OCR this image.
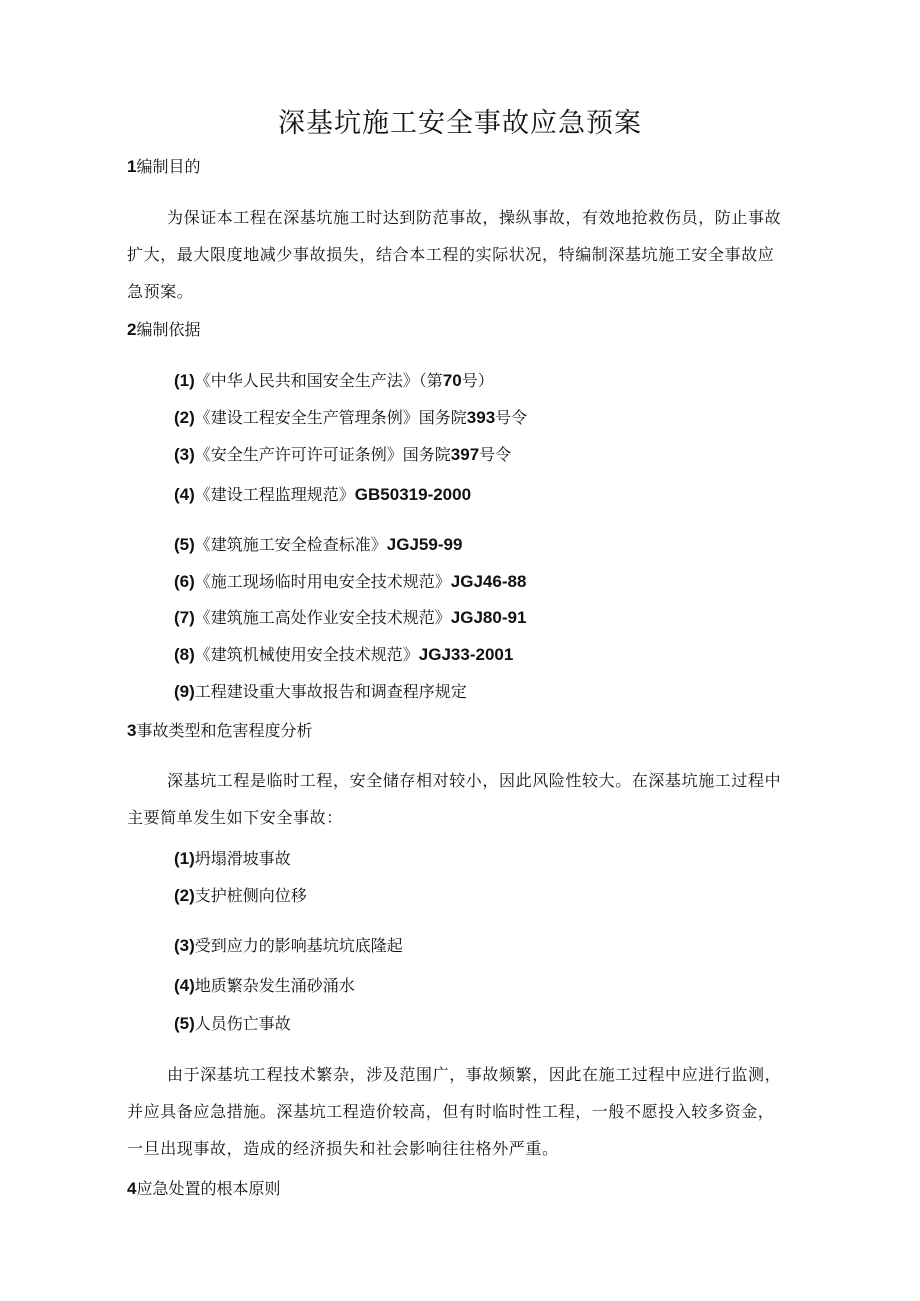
深基坑施工安全事故应急预案
1编制目的
为保证本工程在深基坑施工时达到防范事故，操纵事故，有效地抢救伤员，防止事故
扩大，最大限度地减少事故损失，结合本工程的实际状况，特编制深基坑施工安全事故应
急预案。
2编制依据
(1)《中华人民共和国安全生产法》（第70号）
(2)《建设工程安全生产管理条例》国务院393号令
(3)《安全生产许可许可证条例》国务院397号令
(4)《建设工程监理规范》GB50319-2000
(5)《建筑施工安全检查标准》JGJ59-99
(6)《施工现场临时用电安全技术规范》JGJ46-88
(7)《建筑施工高处作业安全技术规范》JGJ80-91
(8)《建筑机械使用安全技术规范》JGJ33-2001
(9)工程建设重大事故报告和调查程序规定
3事故类型和危害程度分析
深基坑工程是临时工程，安全储存相对较小，因此风险性较大。在深基坑施工过程中
主要简单发生如下安全事故：
(1)坍塌滑坡事故
(2)支护桩侧向位移
(3)受到应力的影响基坑坑底隆起
(4)地质繁杂发生涌砂涌水
(5)人员伤亡事故
由于深基坑工程技术繁杂，涉及范围广，事故频繁，因此在施工过程中应进行监测，
并应具备应急措施。深基坑工程造价较高，但有时临时性工程，一般不愿投入较多资金，
一旦出现事故，造成的经济损失和社会影响往往格外严重。
4应急处置的根本原则
